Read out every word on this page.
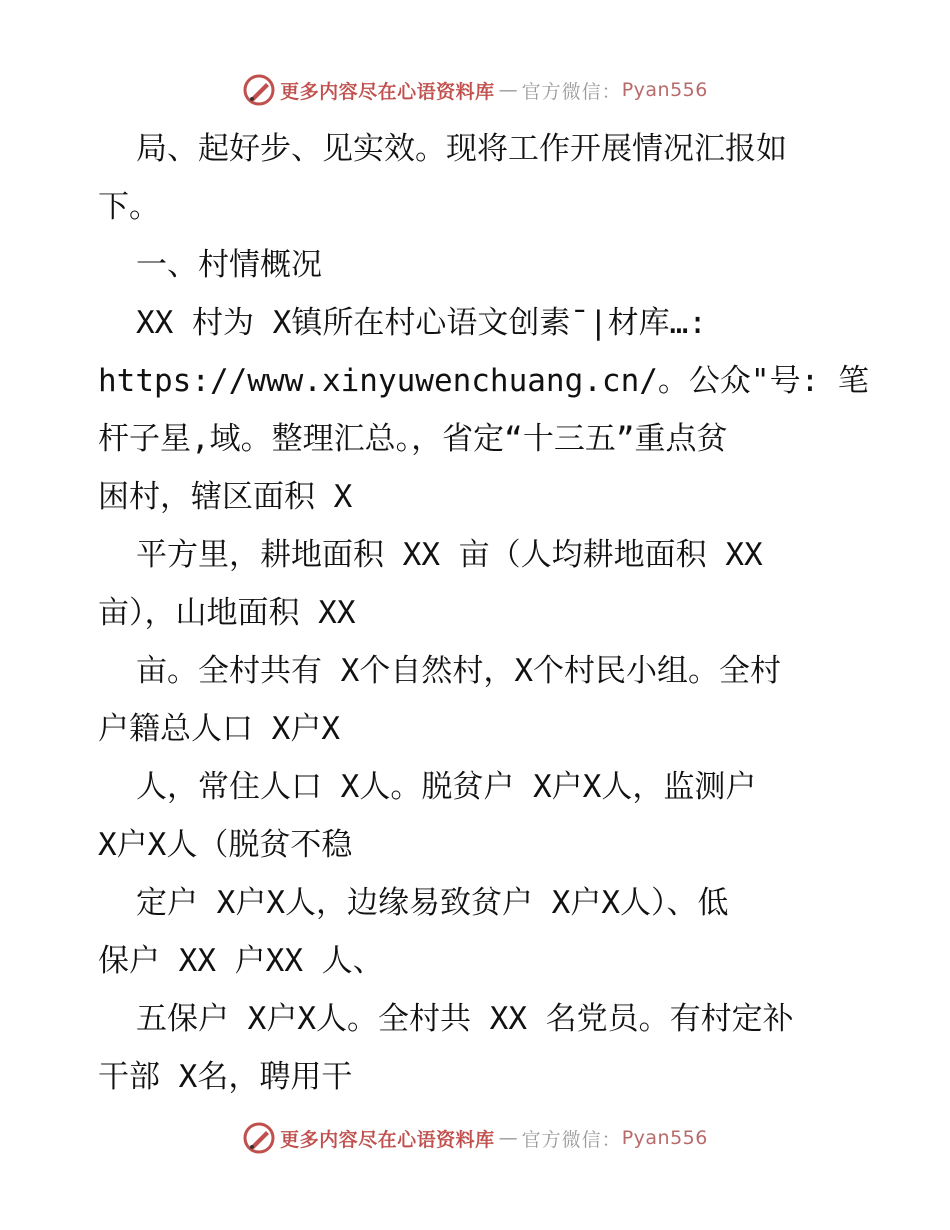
更多内容尽在心语资料库 — 官方微信： Pyan556
局、起好步、见实效。现将工作开展情况汇报如
下。
一、村情概况
XX 村为 X镇所在村心语文创素¯|材库…:
https://www.xinyuwenchuang.cn/。公众"号: 笔
杆子星,域。整理汇总。，省定“十三五”重点贫
困村，辖区面积 X
平方里，耕地面积 XX 亩（人均耕地面积 XX
亩），山地面积 XX
亩。全村共有 X个自然村，X个村民小组。全村
户籍总人口 X户X
人，常住人口 X人。脱贫户 X户X人，监测户
X户X人（脱贫不稳
定户 X户X人，边缘易致贫户 X户X人）、低
保户 XX 户XX 人、
五保户 X户X人。全村共 XX 名党员。有村定补
干部 X名，聘用干
更多内容尽在心语资料库 — 官方微信： Pyan556
